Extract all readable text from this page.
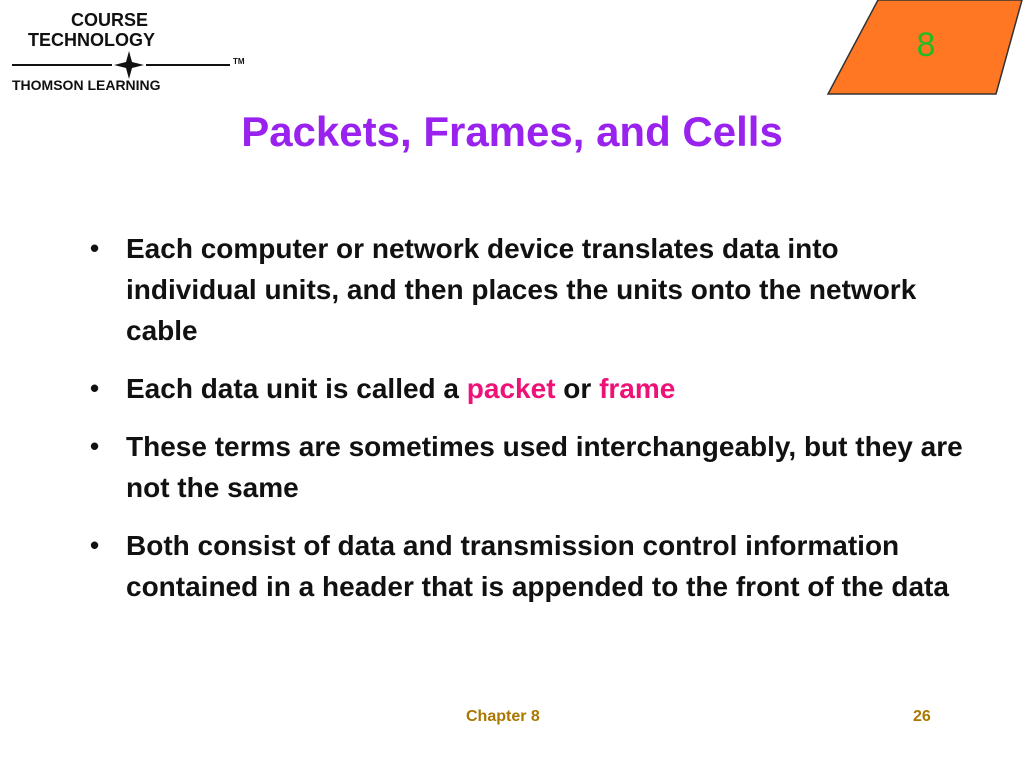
COURSE
TECHNOLOGY
TM
THOMSON LEARNING
8
Packets, Frames, and Cells
• Each computer or network device translates data into individual units, and then places the units onto the network cable
• Each data unit is called a packet or frame
• These terms are sometimes used interchangeably, but they are not the same
• Both consist of data and transmission control information contained in a header that is appended to the front of the data
Chapter 8	26
